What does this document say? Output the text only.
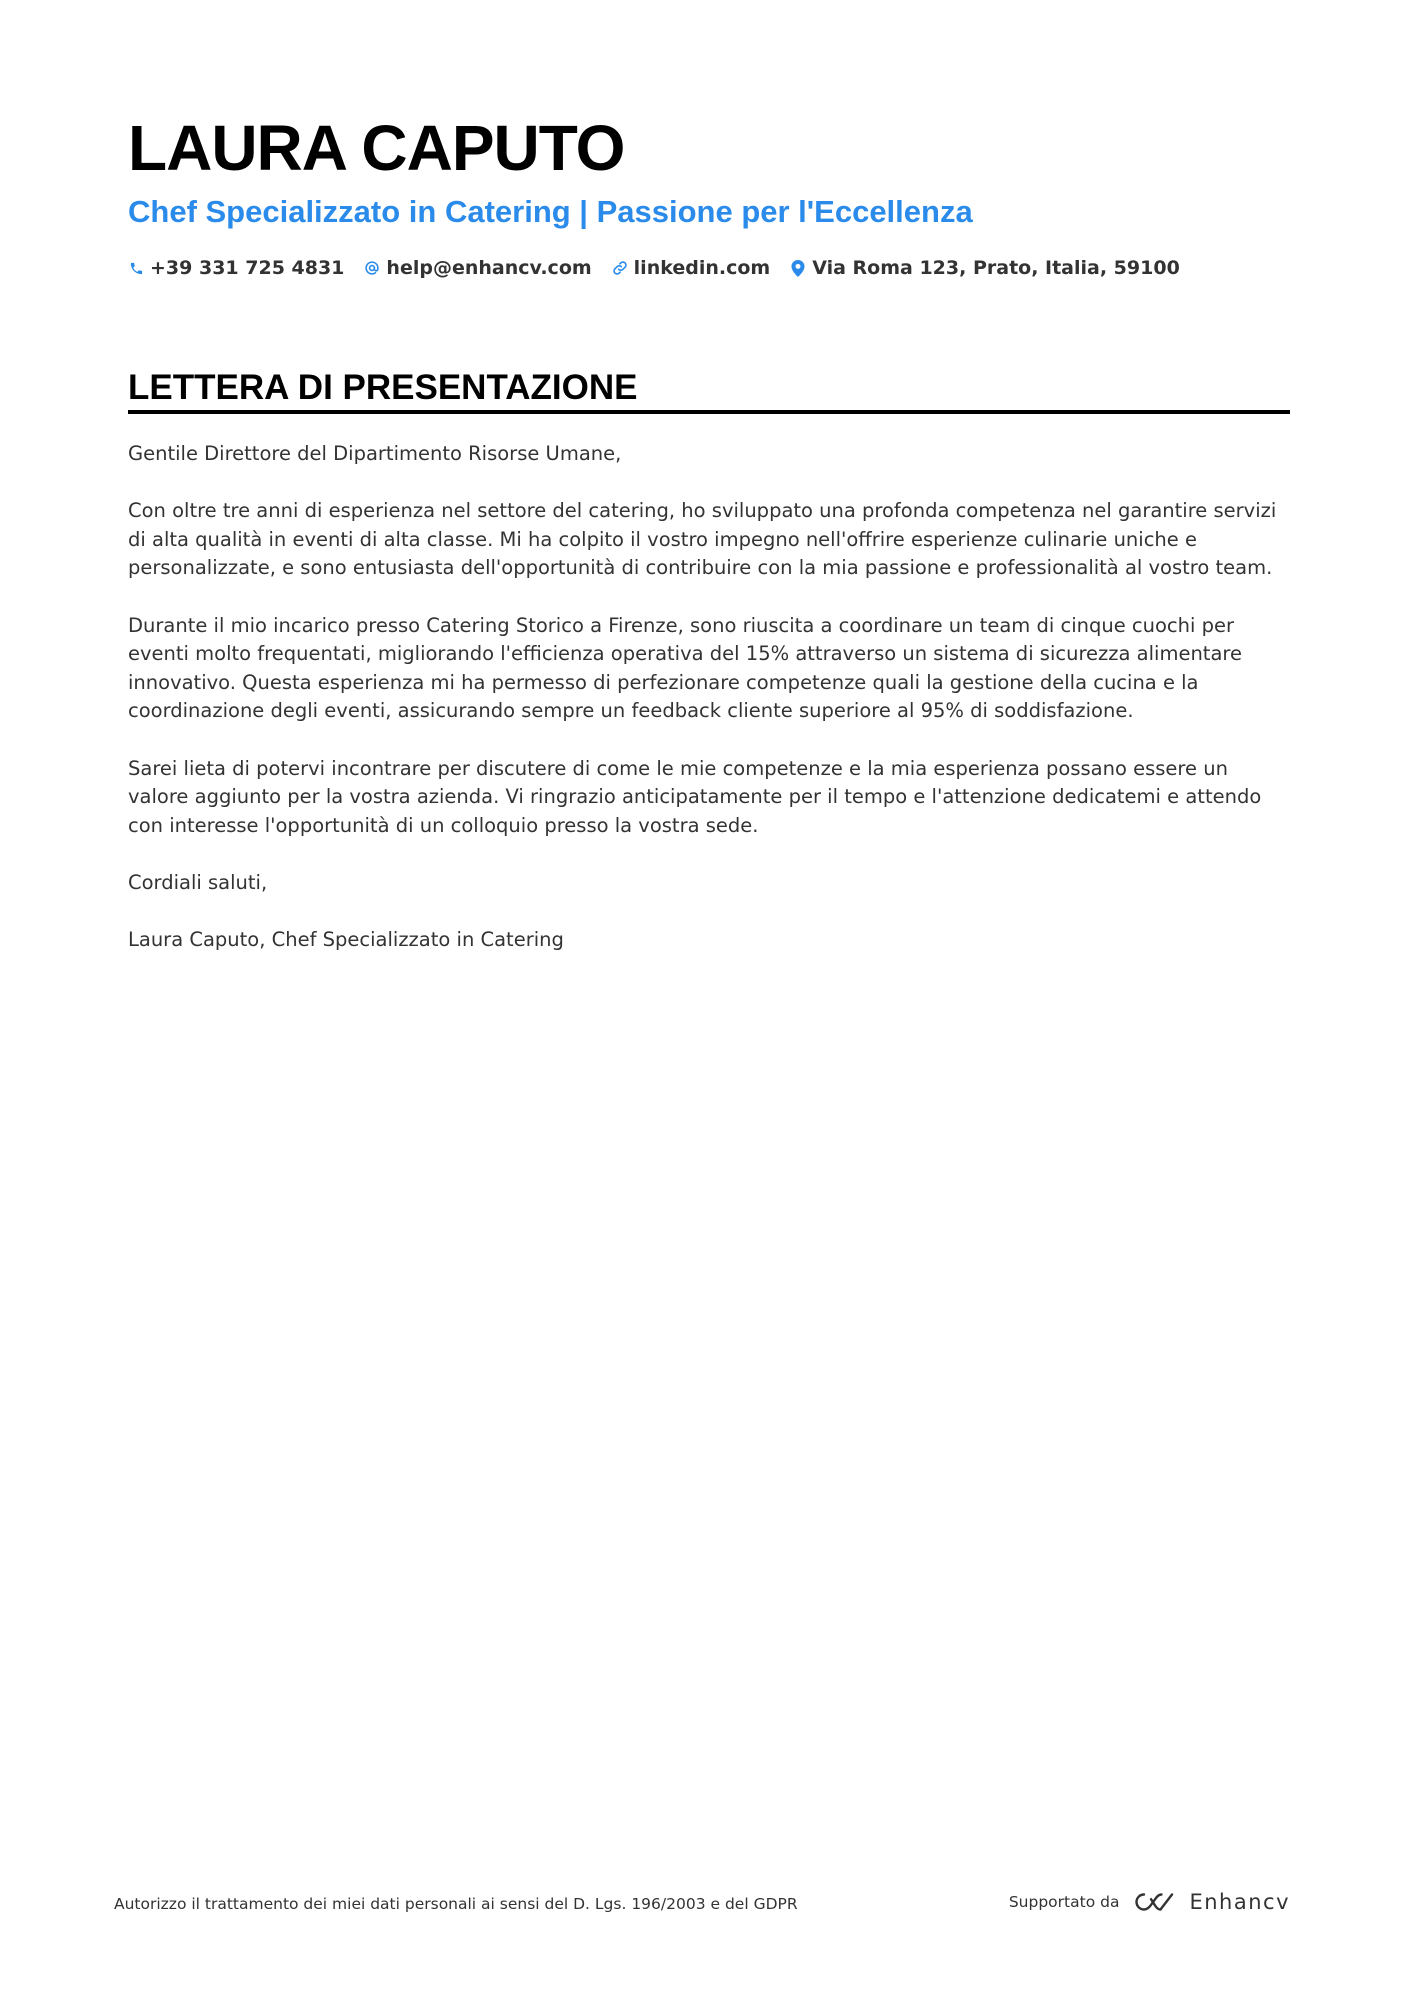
LAURA CAPUTO
Chef Specializzato in Catering | Passione per l'Eccellenza
+39 331 725 4831 help@enhancv.com linkedin.com Via Roma 123, Prato, Italia, 59100
LETTERA DI PRESENTAZIONE

Gentile Direttore del Dipartimento Risorse Umane,

Con oltre tre anni di esperienza nel settore del catering, ho sviluppato una profonda competenza nel garantire servizi di alta qualità in eventi di alta classe. Mi ha colpito il vostro impegno nell'offrire esperienze culinarie uniche e personalizzate, e sono entusiasta dell'opportunità di contribuire con la mia passione e professionalità al vostro team.

Durante il mio incarico presso Catering Storico a Firenze, sono riuscita a coordinare un team di cinque cuochi per eventi molto frequentati, migliorando l'efficienza operativa del 15% attraverso un sistema di sicurezza alimentare innovativo. Questa esperienza mi ha permesso di perfezionare competenze quali la gestione della cucina e la coordinazione degli eventi, assicurando sempre un feedback cliente superiore al 95% di soddisfazione.

Sarei lieta di potervi incontrare per discutere di come le mie competenze e la mia esperienza possano essere un valore aggiunto per la vostra azienda. Vi ringrazio anticipatamente per il tempo e l'attenzione dedicatemi e attendo con interesse l'opportunità di un colloquio presso la vostra sede.

Cordiali saluti,

Laura Caputo, Chef Specializzato in Catering

Autorizzo il trattamento dei miei dati personali ai sensi del D. Lgs. 196/2003 e del GDPR	Supportato da	Enhancv
